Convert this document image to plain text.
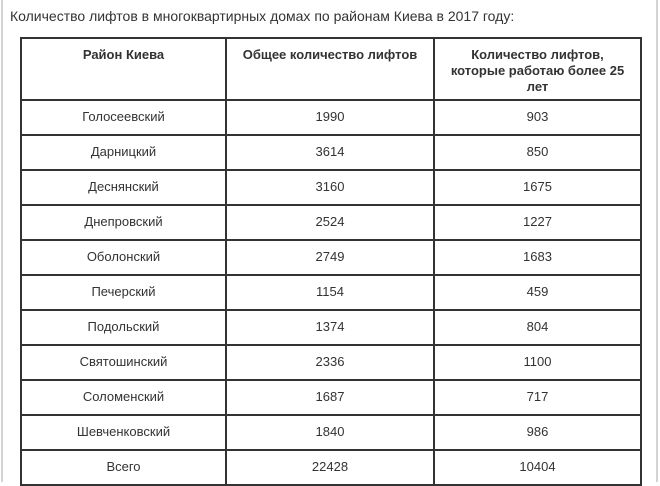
Количество лифтов в многоквартирных домах по районам Киева в 2017 году:

Район Киева	Общее количество лифтов	Количество лифтов, которые работаю более 25 лет
Голосеевский	1990	903
Дарницкий	3614	850
Деснянский	3160	1675
Днепровский	2524	1227
Оболонский	2749	1683
Печерский	1154	459
Подольский	1374	804
Святошинский	2336	1100
Соломенский	1687	717
Шевченковский	1840	986
Всего	22428	10404
